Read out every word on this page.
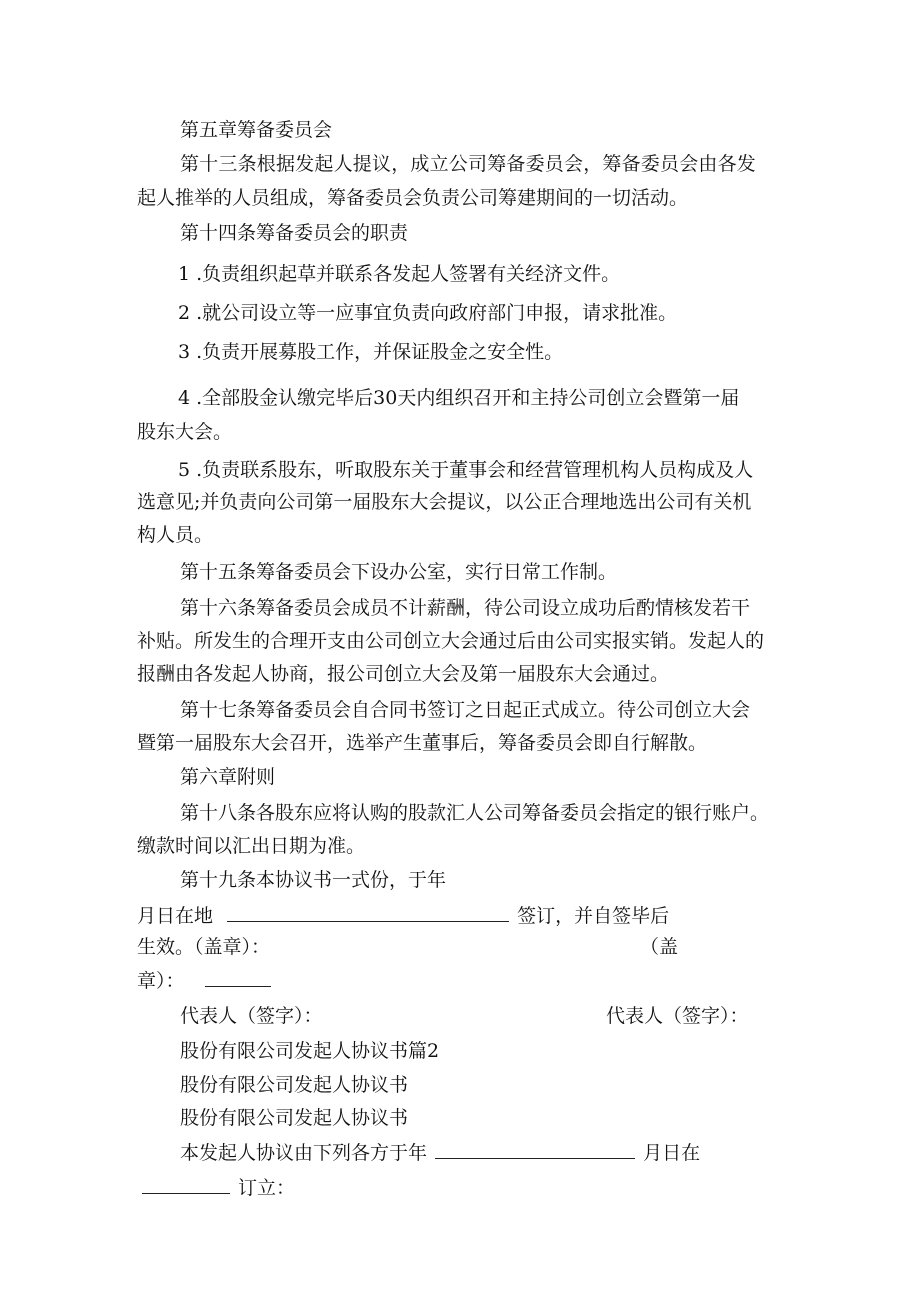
第五章筹备委员会
第十三条根据发起人提议，成立公司筹备委员会，筹备委员会由各发
起人推举的人员组成，筹备委员会负责公司筹建期间的一切活动。
第十四条筹备委员会的职责
1 .负责组织起草并联系各发起人签署有关经济文件。
2 .就公司设立等一应事宜负责向政府部门申报，请求批准。
3 .负责开展募股工作，并保证股金之安全性。
4 .全部股金认缴完毕后30天内组织召开和主持公司创立会暨第一届
股东大会。
5 .负责联系股东，听取股东关于董事会和经营管理机构人员构成及人
选意见;并负责向公司第一届股东大会提议，以公正合理地选出公司有关机
构人员。
第十五条筹备委员会下设办公室，实行日常工作制。
第十六条筹备委员会成员不计薪酬，待公司设立成功后酌情核发若干
补贴。所发生的合理开支由公司创立大会通过后由公司实报实销。发起人的
报酬由各发起人协商，报公司创立大会及第一届股东大会通过。
第十七条筹备委员会自合同书签订之日起正式成立。待公司创立大会
暨第一届股东大会召开，选举产生董事后，筹备委员会即自行解散。
第六章附则
第十八条各股东应将认购的股款汇人公司筹备委员会指定的银行账户。
缴款时间以汇出日期为准。
第十九条本协议书一式份，于年
月日在地	签订，并自签毕后
生效。（盖章）：	（盖
章）：
代表人（签字）：	代表人（签字）：
股份有限公司发起人协议书篇2
股份有限公司发起人协议书
股份有限公司发起人协议书
本发起人协议由下列各方于年	月日在
订立：
